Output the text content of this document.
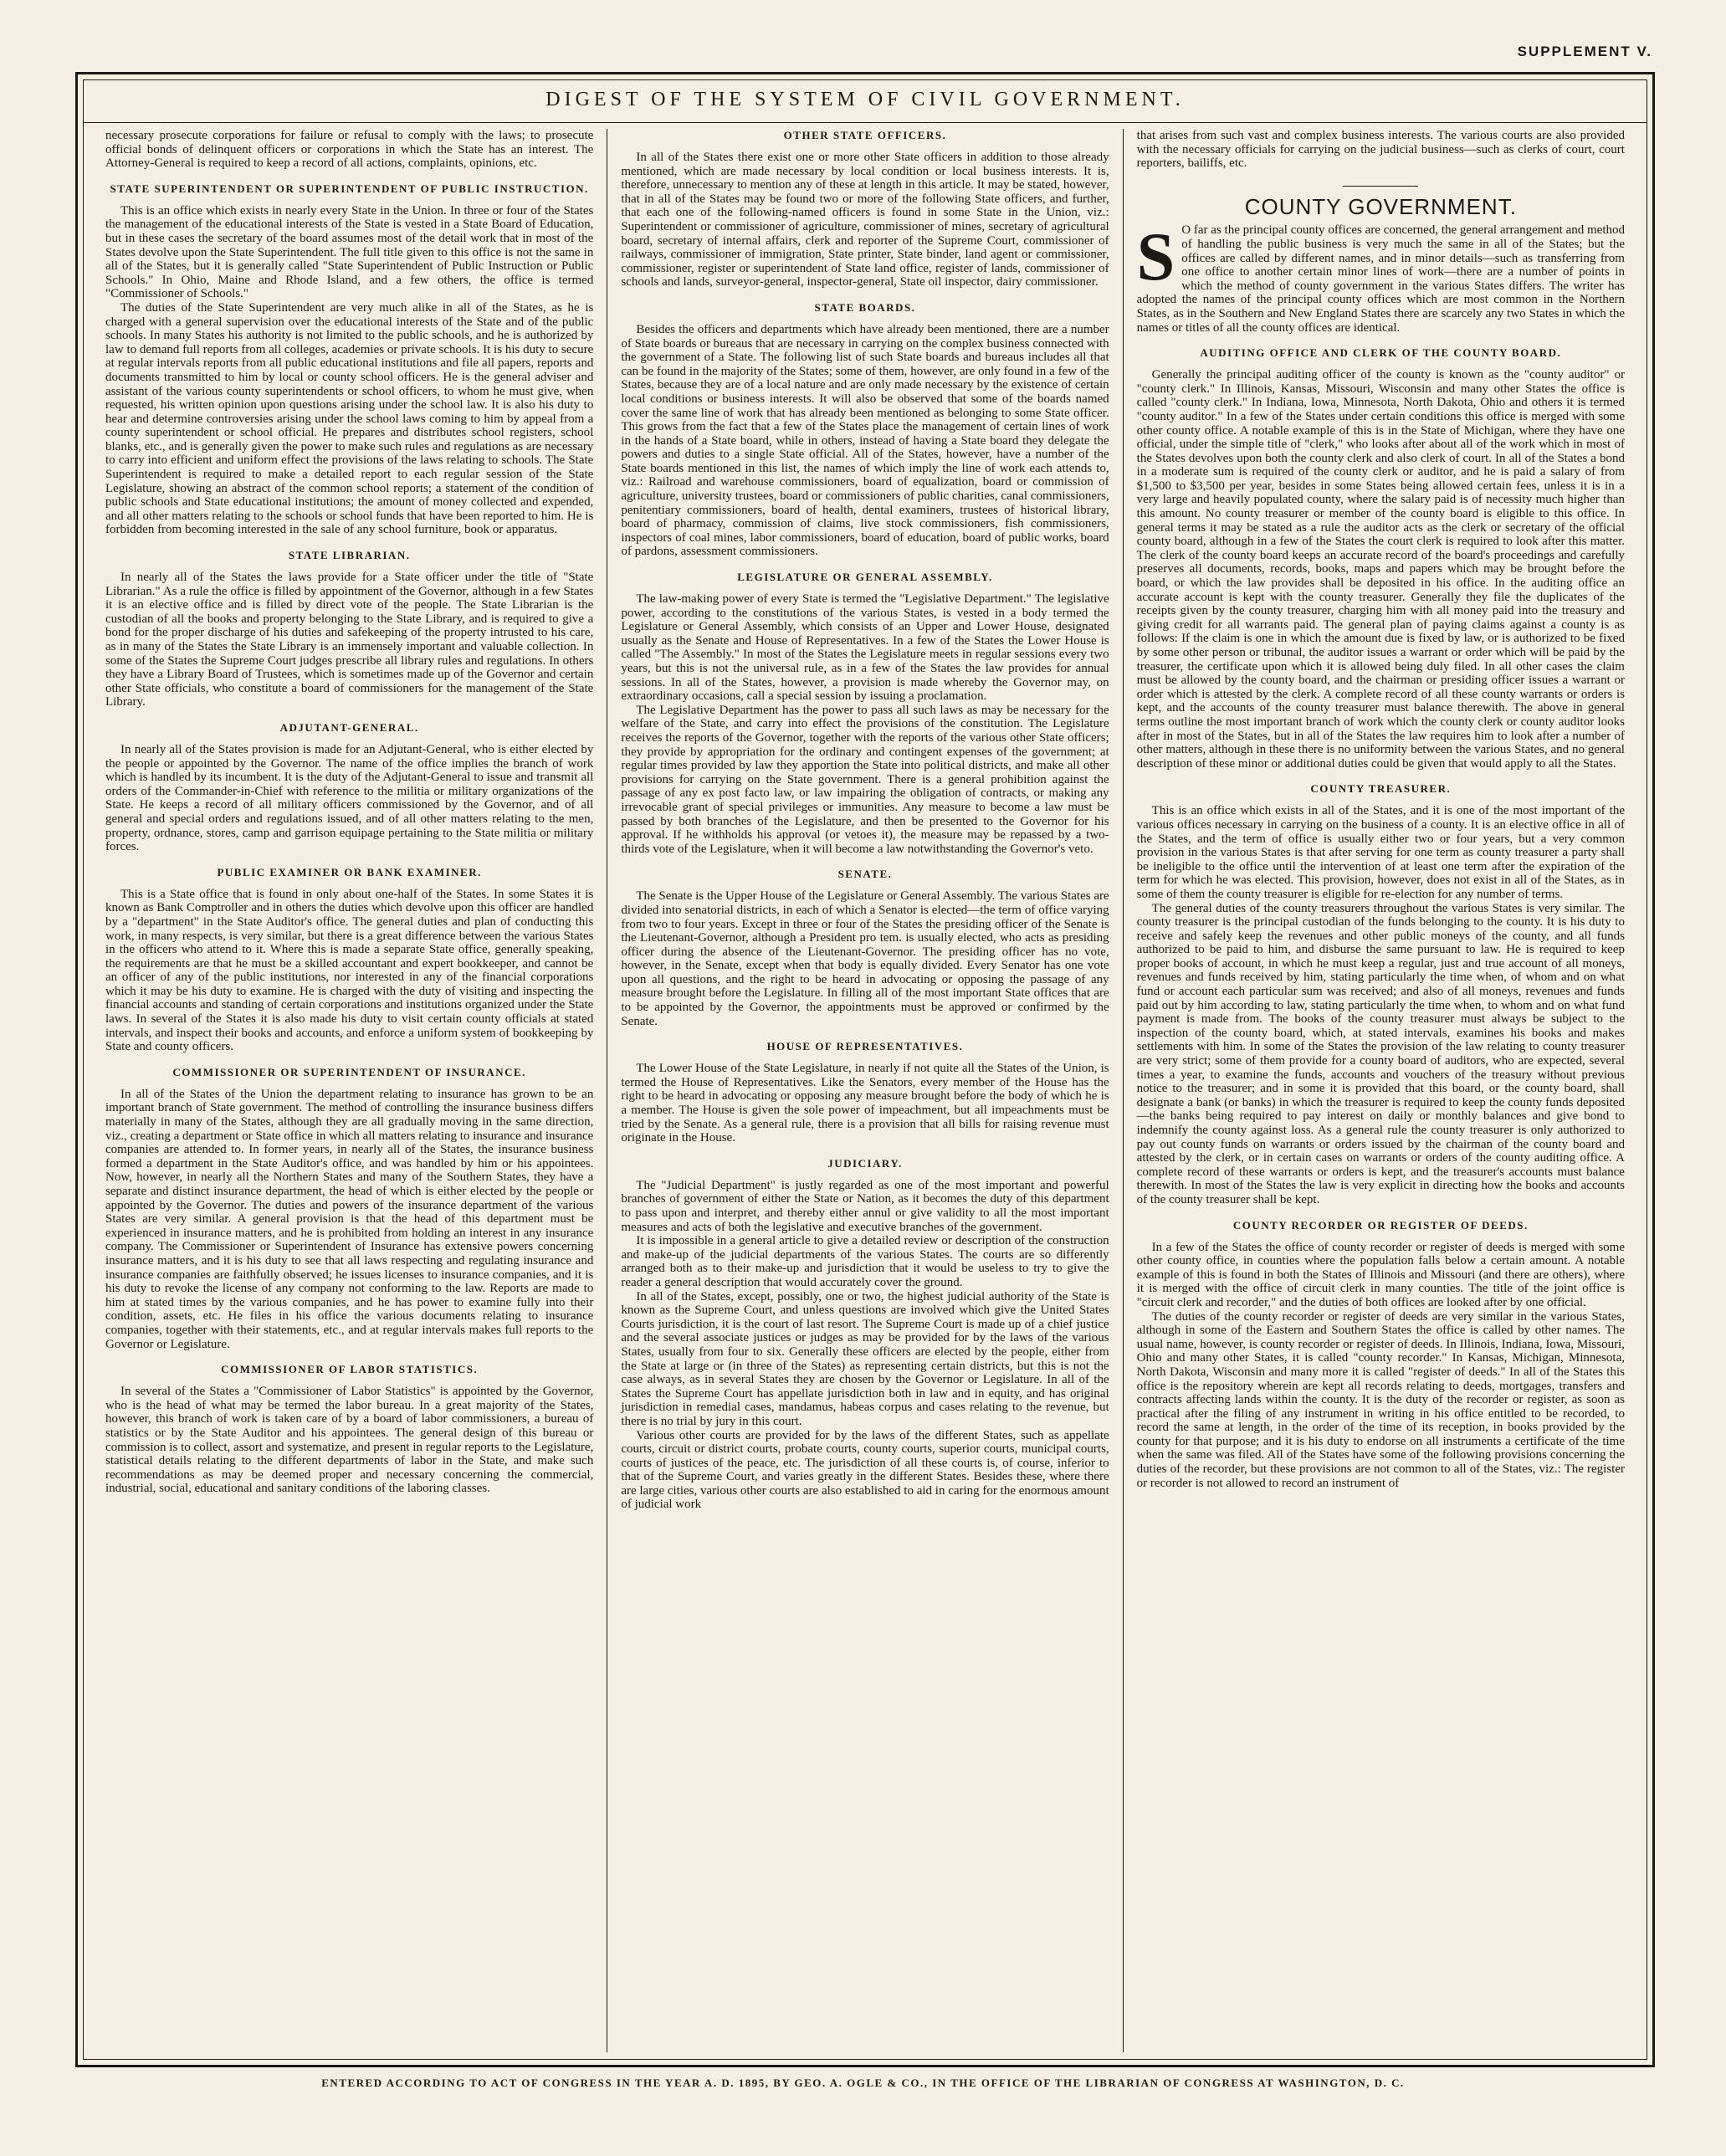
SUPPLEMENT V.
DIGEST OF THE SYSTEM OF CIVIL GOVERNMENT.

necessary prosecute corporations for failure or refusal to comply with the laws; to prosecute official bonds of delinquent officers or corporations in which the State has an interest. The Attorney-General is required to keep a record of all actions, complaints, opinions, etc.

STATE SUPERINTENDENT OR SUPERINTENDENT OF PUBLIC INSTRUCTION.

This is an office which exists in nearly every State in the Union. In three or four of the States the management of the educational interests of the State is vested in a State Board of Education, but in these cases the secretary of the board assumes most of the detail work that in most of the States devolve upon the State Superintendent. The full title given to this office is not the same in all of the States, but it is generally called "State Superintendent of Public Instruction or Public Schools." In Ohio, Maine and Rhode Island, and a few others, the office is termed "Commissioner of Schools."

The duties of the State Superintendent are very much alike in all of the States, as he is charged with a general supervision over the educational interests of the State and of the public schools. In many States his authority is not limited to the public schools, and he is authorized by law to demand full reports from all colleges, academies or private schools. It is his duty to secure at regular intervals reports from all public educational institutions and file all papers, reports and documents transmitted to him by local or county school officers. He is the general adviser and assistant of the various county superintendents or school officers, to whom he must give, when requested, his written opinion upon questions arising under the school law. It is also his duty to hear and determine controversies arising under the school laws coming to him by appeal from a county superintendent or school official. He prepares and distributes school registers, school blanks, etc., and is generally given the power to make such rules and regulations as are necessary to carry into efficient and uniform effect the provisions of the laws relating to schools. The State Superintendent is required to make a detailed report to each regular session of the State Legislature, showing an abstract of the common school reports; a statement of the condition of public schools and State educational institutions; the amount of money collected and expended, and all other matters relating to the schools or school funds that have been reported to him. He is forbidden from becoming interested in the sale of any school furniture, book or apparatus.

STATE LIBRARIAN.

In nearly all of the States the laws provide for a State officer under the title of "State Librarian." As a rule the office is filled by appointment of the Governor, although in a few States it is an elective office and is filled by direct vote of the people. The State Librarian is the custodian of all the books and property belonging to the State Library, and is required to give a bond for the proper discharge of his duties and safekeeping of the property intrusted to his care, as in many of the States the State Library is an immensely important and valuable collection. In some of the States the Supreme Court judges prescribe all library rules and regulations. In others they have a Library Board of Trustees, which is sometimes made up of the Governor and certain other State officials, who constitute a board of commissioners for the management of the State Library.

ADJUTANT-GENERAL.

In nearly all of the States provision is made for an Adjutant-General, who is either elected by the people or appointed by the Governor. The name of the office implies the branch of work which is handled by its incumbent. It is the duty of the Adjutant-General to issue and transmit all orders of the Commander-in-Chief with reference to the militia or military organizations of the State. He keeps a record of all military officers commissioned by the Governor, and of all general and special orders and regulations issued, and of all other matters relating to the men, property, ordnance, stores, camp and garrison equipage pertaining to the State militia or military forces.

PUBLIC EXAMINER OR BANK EXAMINER.

This is a State office that is found in only about one-half of the States. In some States it is known as Bank Comptroller and in others the duties which devolve upon this officer are handled by a "department" in the State Auditor's office. The general duties and plan of conducting this work, in many respects, is very similar, but there is a great difference between the various States in the officers who attend to it. Where this is made a separate State office, generally speaking, the requirements are that he must be a skilled accountant and expert bookkeeper, and cannot be an officer of any of the public institutions, nor interested in any of the financial corporations which it may be his duty to examine. He is charged with the duty of visiting and inspecting the financial accounts and standing of certain corporations and institutions organized under the State laws. In several of the States it is also made his duty to visit certain county officials at stated intervals, and inspect their books and accounts, and enforce a uniform system of bookkeeping by State and county officers.

COMMISSIONER OR SUPERINTENDENT OF INSURANCE.

In all of the States of the Union the department relating to insurance has grown to be an important branch of State government. The method of controlling the insurance business differs materially in many of the States, although they are all gradually moving in the same direction, viz., creating a department or State office in which all matters relating to insurance and insurance companies are attended to. In former years, in nearly all of the States, the insurance business formed a department in the State Auditor's office, and was handled by him or his appointees. Now, however, in nearly all the Northern States and many of the Southern States, they have a separate and distinct insurance department, the head of which is either elected by the people or appointed by the Governor. The duties and powers of the insurance department of the various States are very similar. A general provision is that the head of this department must be experienced in insurance matters, and he is prohibited from holding an interest in any insurance company. The Commissioner or Superintendent of Insurance has extensive powers concerning insurance matters, and it is his duty to see that all laws respecting and regulating insurance and insurance companies are faithfully observed; he issues licenses to insurance companies, and it is his duty to revoke the license of any company not conforming to the law. Reports are made to him at stated times by the various companies, and he has power to examine fully into their condition, assets, etc. He files in his office the various documents relating to insurance companies, together with their statements, etc., and at regular intervals makes full reports to the Governor or Legislature.

COMMISSIONER OF LABOR STATISTICS.

In several of the States a "Commissioner of Labor Statistics" is appointed by the Governor, who is the head of what may be termed the labor bureau. In a great majority of the States, however, this branch of work is taken care of by a board of labor commissioners, a bureau of statistics or by the State Auditor and his appointees. The general design of this bureau or commission is to collect, assort and systematize, and present in regular reports to the Legislature, statistical details relating to the different departments of labor in the State, and make such recommendations as may be deemed proper and necessary concerning the commercial, industrial, social, educational and sanitary conditions of the laboring classes.

OTHER STATE OFFICERS.

In all of the States there exist one or more other State officers in addition to those already mentioned, which are made necessary by local condition or local business interests. It is, therefore, unnecessary to mention any of these at length in this article. It may be stated, however, that in all of the States may be found two or more of the following State officers, and further, that each one of the following-named officers is found in some State in the Union, viz.: Superintendent or commissioner of agriculture, commissioner of mines, secretary of agricultural board, secretary of internal affairs, clerk and reporter of the Supreme Court, commissioner of railways, commissioner of immigration, State printer, State binder, land agent or commissioner, commissioner, register or superintendent of State land office, register of lands, commissioner of schools and lands, surveyor-general, inspector-general, State oil inspector, dairy commissioner.

STATE BOARDS.

Besides the officers and departments which have already been mentioned, there are a number of State boards or bureaus that are necessary in carrying on the complex business connected with the government of a State. The following list of such State boards and bureaus includes all that can be found in the majority of the States; some of them, however, are only found in a few of the States, because they are of a local nature and are only made necessary by the existence of certain local conditions or business interests. It will also be observed that some of the boards named cover the same line of work that has already been mentioned as belonging to some State officer. This grows from the fact that a few of the States place the management of certain lines of work in the hands of a State board, while in others, instead of having a State board they delegate the powers and duties to a single State official. All of the States, however, have a number of the State boards mentioned in this list, the names of which imply the line of work each attends to, viz.: Railroad and warehouse commissioners, board of equalization, board or commission of agriculture, university trustees, board or commissioners of public charities, canal commissioners, penitentiary commissioners, board of health, dental examiners, trustees of historical library, board of pharmacy, commission of claims, live stock commissioners, fish commissioners, inspectors of coal mines, labor commissioners, board of education, board of public works, board of pardons, assessment commissioners.

LEGISLATURE OR GENERAL ASSEMBLY.

The law-making power of every State is termed the "Legislative Department." The legislative power, according to the constitutions of the various States, is vested in a body termed the Legislature or General Assembly, which consists of an Upper and Lower House, designated usually as the Senate and House of Representatives. In a few of the States the Lower House is called "The Assembly." In most of the States the Legislature meets in regular sessions every two years, but this is not the universal rule, as in a few of the States the law provides for annual sessions. In all of the States, however, a provision is made whereby the Governor may, on extraordinary occasions, call a special session by issuing a proclamation.

The Legislative Department has the power to pass all such laws as may be necessary for the welfare of the State, and carry into effect the provisions of the constitution. The Legislature receives the reports of the Governor, together with the reports of the various other State officers; they provide by appropriation for the ordinary and contingent expenses of the government; at regular times provided by law they apportion the State into political districts, and make all other provisions for carrying on the State government. There is a general prohibition against the passage of any ex post facto law, or law impairing the obligation of contracts, or making any irrevocable grant of special privileges or immunities. Any measure to become a law must be passed by both branches of the Legislature, and then be presented to the Governor for his approval. If he withholds his approval (or vetoes it), the measure may be repassed by a two-thirds vote of the Legislature, when it will become a law notwithstanding the Governor's veto.

SENATE.

The Senate is the Upper House of the Legislature or General Assembly. The various States are divided into senatorial districts, in each of which a Senator is elected—the term of office varying from two to four years. Except in three or four of the States the presiding officer of the Senate is the Lieutenant-Governor, although a President pro tem. is usually elected, who acts as presiding officer during the absence of the Lieutenant-Governor. The presiding officer has no vote, however, in the Senate, except when that body is equally divided. Every Senator has one vote upon all questions, and the right to be heard in advocating or opposing the passage of any measure brought before the Legislature. In filling all of the most important State offices that are to be appointed by the Governor, the appointments must be approved or confirmed by the Senate.

HOUSE OF REPRESENTATIVES.

The Lower House of the State Legislature, in nearly if not quite all the States of the Union, is termed the House of Representatives. Like the Senators, every member of the House has the right to be heard in advocating or opposing any measure brought before the body of which he is a member. The House is given the sole power of impeachment, but all impeachments must be tried by the Senate. As a general rule, there is a provision that all bills for raising revenue must originate in the House.

JUDICIARY.

The "Judicial Department" is justly regarded as one of the most important and powerful branches of government of either the State or Nation, as it becomes the duty of this department to pass upon and interpret, and thereby either annul or give validity to all the most important measures and acts of both the legislative and executive branches of the government.

It is impossible in a general article to give a detailed review or description of the construction and make-up of the judicial departments of the various States. The courts are so differently arranged both as to their make-up and jurisdiction that it would be useless to try to give the reader a general description that would accurately cover the ground.

In all of the States, except, possibly, one or two, the highest judicial authority of the State is known as the Supreme Court, and unless questions are involved which give the United States Courts jurisdiction, it is the court of last resort. The Supreme Court is made up of a chief justice and the several associate justices or judges as may be provided for by the laws of the various States, usually from four to six. Generally these officers are elected by the people, either from the State at large or (in three of the States) as representing certain districts, but this is not the case always, as in several States they are chosen by the Governor or Legislature. In all of the States the Supreme Court has appellate jurisdiction both in law and in equity, and has original jurisdiction in remedial cases, mandamus, habeas corpus and cases relating to the revenue, but there is no trial by jury in this court.

Various other courts are provided for by the laws of the different States, such as appellate courts, circuit or district courts, probate courts, county courts, superior courts, municipal courts, courts of justices of the peace, etc. The jurisdiction of all these courts is, of course, inferior to that of the Supreme Court, and varies greatly in the different States. Besides these, where there are large cities, various other courts are also established to aid in caring for the enormous amount of judicial work

that arises from such vast and complex business interests. The various courts are also provided with the necessary officials for carrying on the judicial business—such as clerks of court, court reporters, bailiffs, etc.

COUNTY GOVERNMENT.

S O far as the principal county offices are concerned, the general arrangement and method of handling the public business is very much the same in all of the States; but the offices are called by different names, and in minor details—such as transferring from one office to another certain minor lines of work—there are a number of points in which the method of county government in the various States differs. The writer has adopted the names of the principal county offices which are most common in the Northern States, as in the Southern and New England States there are scarcely any two States in which the names or titles of all the county offices are identical.

AUDITING OFFICE AND CLERK OF THE COUNTY BOARD.

Generally the principal auditing officer of the county is known as the "county auditor" or "county clerk." In Illinois, Kansas, Missouri, Wisconsin and many other States the office is called "county clerk." In Indiana, Iowa, Minnesota, North Dakota, Ohio and others it is termed "county auditor." In a few of the States under certain conditions this office is merged with some other county office. A notable example of this is in the State of Michigan, where they have one official, under the simple title of "clerk," who looks after about all of the work which in most of the States devolves upon both the county clerk and also clerk of court. In all of the States a bond in a moderate sum is required of the county clerk or auditor, and he is paid a salary of from $1,500 to $3,500 per year, besides in some States being allowed certain fees, unless it is in a very large and heavily populated county, where the salary paid is of necessity much higher than this amount. No county treasurer or member of the county board is eligible to this office. In general terms it may be stated as a rule the auditor acts as the clerk or secretary of the official county board, although in a few of the States the court clerk is required to look after this matter. The clerk of the county board keeps an accurate record of the board's proceedings and carefully preserves all documents, records, books, maps and papers which may be brought before the board, or which the law provides shall be deposited in his office. In the auditing office an accurate account is kept with the county treasurer. Generally they file the duplicates of the receipts given by the county treasurer, charging him with all money paid into the treasury and giving credit for all warrants paid. The general plan of paying claims against a county is as follows: If the claim is one in which the amount due is fixed by law, or is authorized to be fixed by some other person or tribunal, the auditor issues a warrant or order which will be paid by the treasurer, the certificate upon which it is allowed being duly filed. In all other cases the claim must be allowed by the county board, and the chairman or presiding officer issues a warrant or order which is attested by the clerk. A complete record of all these county warrants or orders is kept, and the accounts of the county treasurer must balance therewith. The above in general terms outline the most important branch of work which the county clerk or county auditor looks after in most of the States, but in all of the States the law requires him to look after a number of other matters, although in these there is no uniformity between the various States, and no general description of these minor or additional duties could be given that would apply to all the States.

COUNTY TREASURER.

This is an office which exists in all of the States, and it is one of the most important of the various offices necessary in carrying on the business of a county. It is an elective office in all of the States, and the term of office is usually either two or four years, but a very common provision in the various States is that after serving for one term as county treasurer a party shall be ineligible to the office until the intervention of at least one term after the expiration of the term for which he was elected. This provision, however, does not exist in all of the States, as in some of them the county treasurer is eligible for re-election for any number of terms.

The general duties of the county treasurers throughout the various States is very similar. The county treasurer is the principal custodian of the funds belonging to the county. It is his duty to receive and safely keep the revenues and other public moneys of the county, and all funds authorized to be paid to him, and disburse the same pursuant to law. He is required to keep proper books of account, in which he must keep a regular, just and true account of all moneys, revenues and funds received by him, stating particularly the time when, of whom and on what fund or account each particular sum was received; and also of all moneys, revenues and funds paid out by him according to law, stating particularly the time when, to whom and on what fund payment is made from. The books of the county treasurer must always be subject to the inspection of the county board, which, at stated intervals, examines his books and makes settlements with him. In some of the States the provision of the law relating to county treasurer are very strict; some of them provide for a county board of auditors, who are expected, several times a year, to examine the funds, accounts and vouchers of the treasury without previous notice to the treasurer; and in some it is provided that this board, or the county board, shall designate a bank (or banks) in which the treasurer is required to keep the county funds deposited—the banks being required to pay interest on daily or monthly balances and give bond to indemnify the county against loss. As a general rule the county treasurer is only authorized to pay out county funds on warrants or orders issued by the chairman of the county board and attested by the clerk, or in certain cases on warrants or orders of the county auditing office. A complete record of these warrants or orders is kept, and the treasurer's accounts must balance therewith. In most of the States the law is very explicit in directing how the books and accounts of the county treasurer shall be kept.

COUNTY RECORDER OR REGISTER OF DEEDS.

In a few of the States the office of county recorder or register of deeds is merged with some other county office, in counties where the population falls below a certain amount. A notable example of this is found in both the States of Illinois and Missouri (and there are others), where it is merged with the office of circuit clerk in many counties. The title of the joint office is "circuit clerk and recorder," and the duties of both offices are looked after by one official.

The duties of the county recorder or register of deeds are very similar in the various States, although in some of the Eastern and Southern States the office is called by other names. The usual name, however, is county recorder or register of deeds. In Illinois, Indiana, Iowa, Missouri, Ohio and many other States, it is called "county recorder." In Kansas, Michigan, Minnesota, North Dakota, Wisconsin and many more it is called "register of deeds." In all of the States this office is the repository wherein are kept all records relating to deeds, mortgages, transfers and contracts affecting lands within the county. It is the duty of the recorder or register, as soon as practical after the filing of any instrument in writing in his office entitled to be recorded, to record the same at length, in the order of the time of its reception, in books provided by the county for that purpose; and it is his duty to endorse on all instruments a certificate of the time when the same was filed. All of the States have some of the following provisions concerning the duties of the recorder, but these provisions are not common to all of the States, viz.: The register or recorder is not allowed to record an instrument of

ENTERED ACCORDING TO ACT OF CONGRESS IN THE YEAR A. D. 1895, BY GEO. A. OGLE & CO., IN THE OFFICE OF THE LIBRARIAN OF CONGRESS AT WASHINGTON, D. C.
